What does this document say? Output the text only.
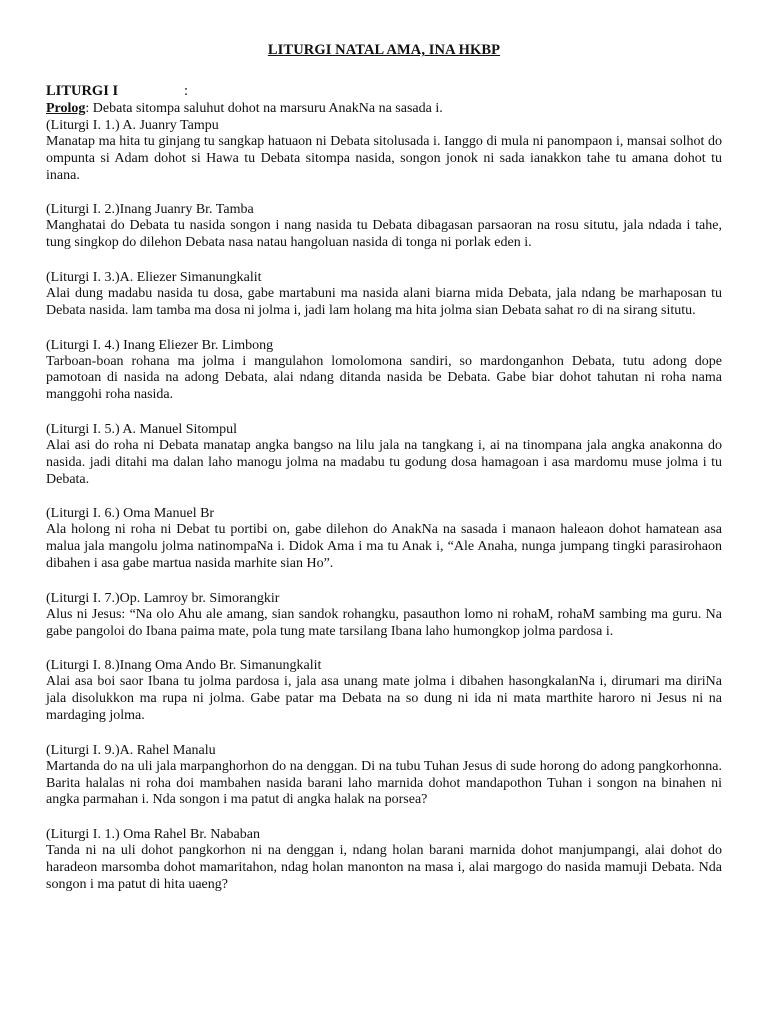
LITURGI NATAL AMA, INA HKBP
LITURGI I	:
Prolog: Debata sitompa saluhut dohot na marsuru AnakNa na sasada i.
(Liturgi I. 1.) A. Juanry Tampu
Manatap ma hita tu ginjang tu sangkap hatuaon ni Debata sitolusada i. Ianggo di mula ni panompaon i, mansai solhot do ompunta si Adam dohot si Hawa tu Debata sitompa nasida, songon jonok ni sada ianakkon tahe tu amana dohot tu inana.
(Liturgi I. 2.)Inang Juanry Br. Tamba
Manghatai do Debata tu nasida songon i nang nasida tu Debata dibagasan parsaoran na rosu situtu, jala ndada i tahe, tung singkop do dilehon Debata nasa natau hangoluan nasida di tonga ni porlak eden i.
(Liturgi I. 3.)A. Eliezer Simanungkalit
Alai dung madabu nasida tu dosa, gabe martabuni ma nasida alani biarna mida Debata, jala ndang be marhaposan tu Debata nasida. lam tamba ma dosa ni jolma i, jadi lam holang ma hita jolma sian Debata sahat ro di na sirang situtu.
(Liturgi I. 4.) Inang Eliezer Br. Limbong
Tarboan-boan rohana ma jolma i mangulahon lomolomona sandiri, so mardonganhon Debata, tutu adong dope pamotoan di nasida na adong Debata, alai ndang ditanda nasida be Debata. Gabe biar dohot tahutan ni roha nama manggohi roha nasida.
(Liturgi I. 5.) A. Manuel Sitompul
Alai asi do roha ni Debata manatap angka bangso na lilu jala na tangkang i, ai na tinompana jala angka anakonna do nasida. jadi ditahi ma dalan laho manogu jolma na madabu tu godung dosa hamagoan i asa mardomu muse jolma i tu Debata.
(Liturgi I. 6.) Oma Manuel Br
Ala holong ni roha ni Debat tu portibi on, gabe dilehon do AnakNa na sasada i manaon haleaon dohot hamatean asa malua jala mangolu jolma natinompaNa i. Didok Ama i ma tu Anak i, “Ale Anaha, nunga jumpang tingki parasirohaon dibahen i asa gabe martua nasida marhite sian Ho”.
(Liturgi I. 7.)Op. Lamroy br. Simorangkir
Alus ni Jesus: “Na olo Ahu ale amang, sian sandok rohangku, pasauthon lomo ni rohaM, rohaM sambing ma guru. Na gabe pangoloi do Ibana paima mate, pola tung mate tarsilang Ibana laho humongkop jolma pardosa i.
(Liturgi I. 8.)Inang Oma Ando Br. Simanungkalit
Alai asa boi saor Ibana tu jolma pardosa i, jala asa unang mate jolma i dibahen hasongkalanNa i, dirumari ma diriNa jala disolukkon ma rupa ni jolma. Gabe patar ma Debata na so dung ni ida ni mata marthite haroro ni Jesus ni na mardaging jolma.
(Liturgi I. 9.)A. Rahel Manalu
Martanda do na uli jala marpanghorhon do na denggan. Di na tubu Tuhan Jesus di sude horong do adong pangkorhonna. Barita halalas ni roha doi mambahen nasida barani laho marnida dohot mandapothon Tuhan i songon na binahen ni angka parmahan i. Nda songon i ma patut di angka halak na porsea?
(Liturgi I. 1.) Oma Rahel Br. Nababan
Tanda ni na uli dohot pangkorhon ni na denggan i, ndang holan barani marnida dohot manjumpangi, alai dohot do haradeon marsomba dohot mamaritahon, ndag holan manonton na masa i, alai margogo do nasida mamuji Debata. Nda songon i ma patut di hita uaeng?
